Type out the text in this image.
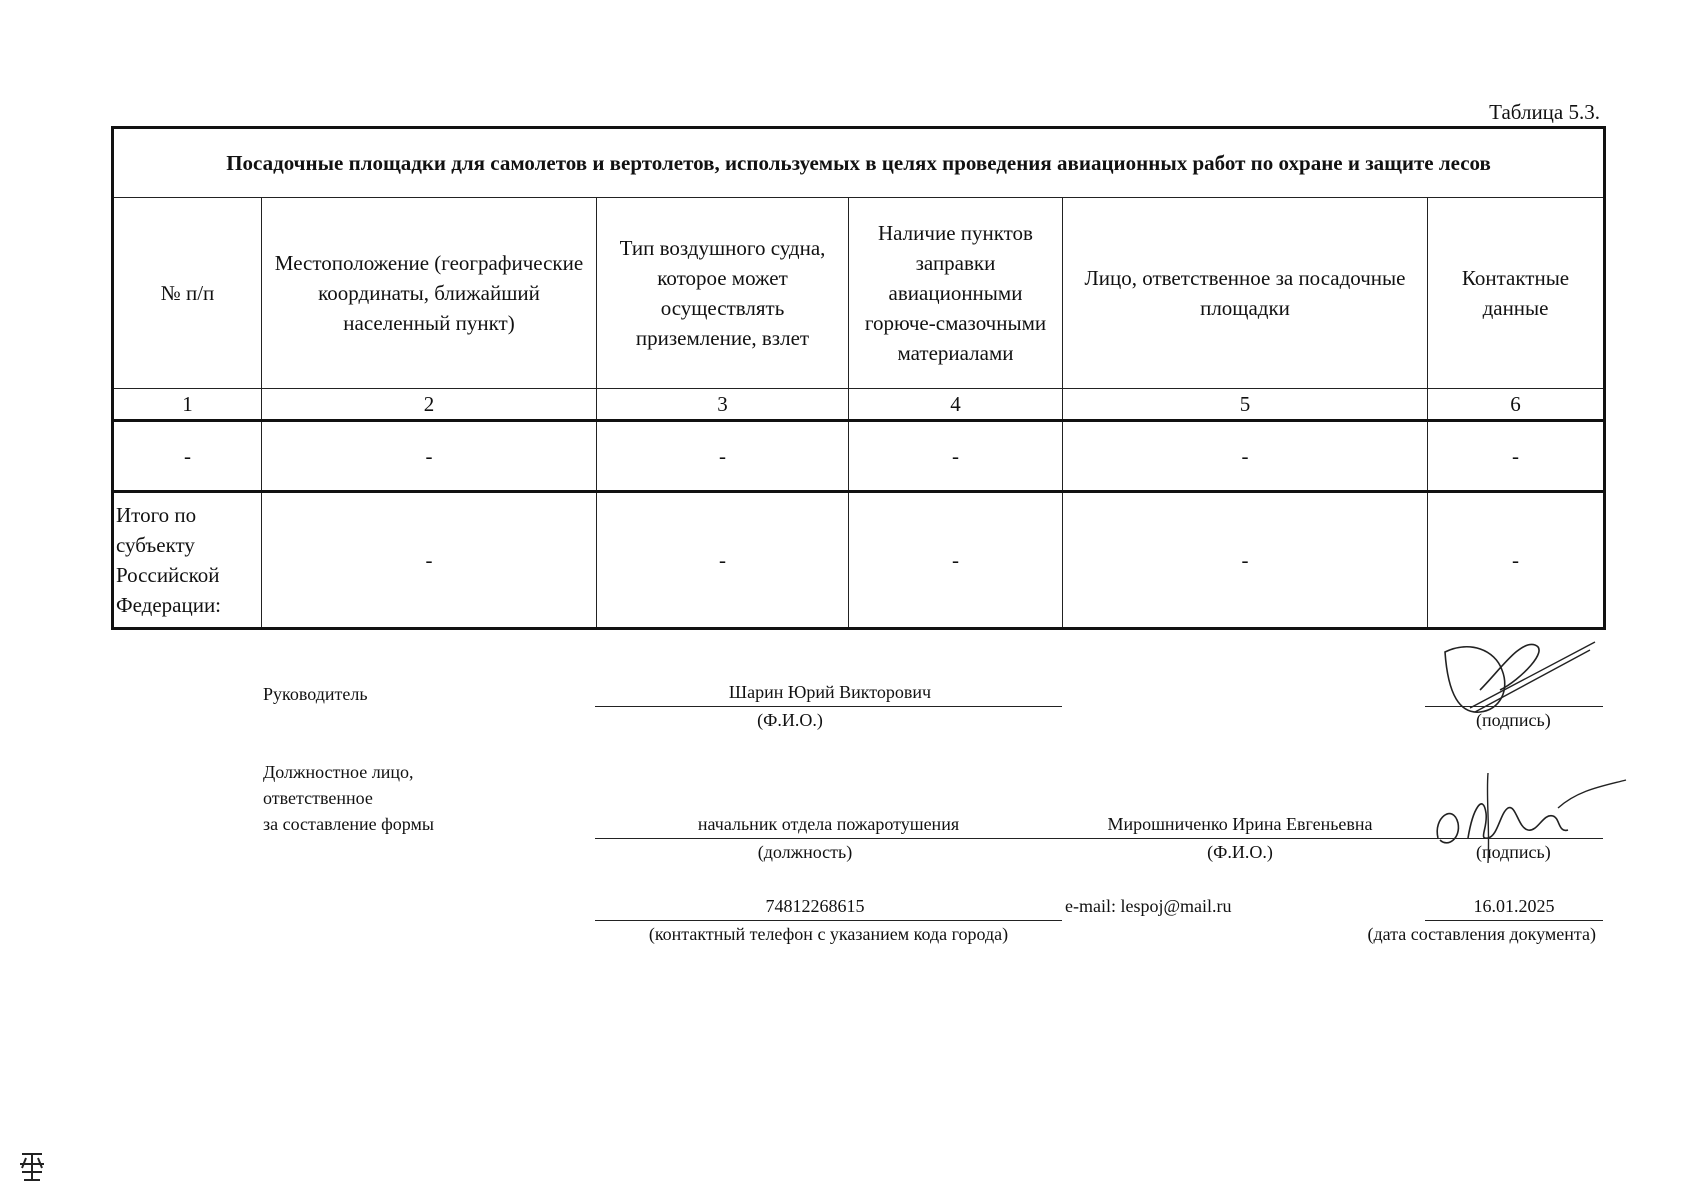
Таблица 5.3.
Посадочные площадки для самолетов и вертолетов, используемых в целях проведения авиационных работ по охране и защите лесов					
№ п/п	Местоположение (географические координаты, ближайший населенный пункт)	Тип воздушного судна, которое может осуществлять приземление, взлет	Наличие пунктов заправки авиационными горюче-смазочными материалами	Лицо, ответственное за посадочные площадки	Контактные данные
1	2	3	4	5	6
-	-	-	-	-	-
Итого по субъекту Российской Федерации:	-	-	-	-	-
Руководитель	Шарин Юрий Викторович
(Ф.И.О.)	(подпись)
Должностное лицо,
ответственное
за составление формы	начальник отдела пожаротушения
(должность)
Мирошниченко Ирина Евгеньевна
(Ф.И.О.)	(подпись)
74812268615
(контактный телефон с указанием кода города)
e-mail: lespoj@mail.ru	16.01.2025
(дата составления документа)
